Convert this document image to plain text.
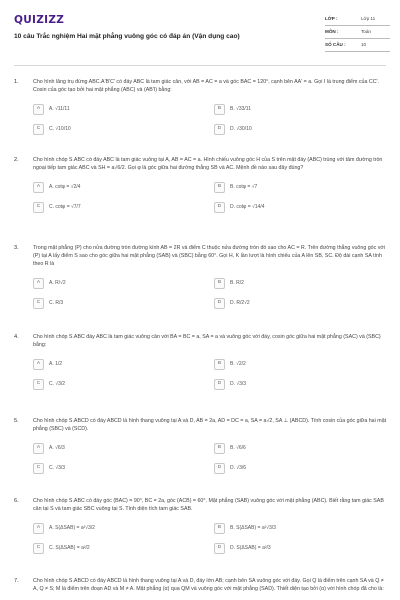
QUIZIZZ
10 câu Trắc nghiệm Hai mặt phẳng vuông góc có đáp án (Vận dụng cao)
LỚP :	Lớp 11
MÔN :	Toán
SỐ CÂU :	10
1.	Cho hình lăng trụ đứng ABC.A'B'C' có đáy ABC là tam giác cân, với AB = AC = a và góc BAC = 120°, cạnh bên AA' = a. Gọi I là trung điểm của CC'. Cosin của góc tạo bởi hai mặt phẳng (ABC) và (AB'I) bằng:
A	A. √11/11	B	B. √33/11
C	C. √10/10	D	D. √30/10
2.	Cho hình chóp S.ABC có đáy ABC là tam giác vuông tại A, AB = AC = a. Hình chiếu vuông góc H của S trên mặt đáy (ABC) trùng với tâm đường tròn ngoại tiếp tam giác ABC và SH = a√6/2. Gọi φ là góc giữa hai đường thẳng SB và AC. Mệnh đề nào sau đây đúng?
A	A. cotφ = √2/4	B	B. cotφ = √7
C	C. cotφ = √7/7	D	D. cotφ = √14/4
3.	Trong mặt phẳng (P) cho nửa đường tròn đường kính AB = 2R và điểm C thuộc nửa đường tròn đó sao cho AC = R. Trên đường thẳng vuông góc với (P) tại A lấy điểm S sao cho góc giữa hai mặt phẳng (SAB) và (SBC) bằng 60°. Gọi H, K lần lượt là hình chiếu của A lên SB, SC. Độ dài cạnh SA tính theo R là
A	A. R/√2	B	B. R/2
C	C. R/3	D	D. R/2√2
4.	Cho hình chóp S.ABC đáy ABC là tam giác vuông cân với BA = BC = a, SA = a và vuông góc với đáy, cosin góc giữa hai mặt phẳng (SAC) và (SBC) bằng:
A	A. 1/2	B	B. √2/2
C	C. √3/2	D	D. √3/3
5.	Cho hình chóp S.ABCD có đáy ABCD là hình thang vuông tại A và D, AB = 2a, AD = DC = a, SA = a√2, SA ⊥ (ABCD). Tính cosin của góc giữa hai mặt phẳng (SBC) và (SCD).
A	A. √6/3	B	B. √6/6
C	C. √3/3	D	D. √3/6
6.	Cho hình chóp S.ABC có đáy góc (BAC) = 90°, BC = 2a, góc (ACB) = 60°. Mặt phẳng (SAB) vuông góc với mặt phẳng (ABC). Biết rằng tam giác SAB cân tại S và tam giác SBC vuông tại S. Tính diện tích tam giác SAB.
A	A. S(ΔSAB) = a²√3/2	B	B. S(ΔSAB) = a²√3/3
C	C. S(ΔSAB) = a²/2	D	D. S(ΔSAB) = a²/3
7.	Cho hình chóp S.ABCD có đáy ABCD là hình thang vuông tại A và D, đáy lớn AB; cạnh bên SA vuông góc với đáy. Gọi Q là điểm trên cạnh SA và Q ≠ A, Q ≠ S; M là điểm trên đoạn AD và M ≠ A. Mặt phẳng (α) qua QM và vuông góc với mặt phẳng (SAD). Thiết diện tạo bởi (α) với hình chóp đã cho là:
